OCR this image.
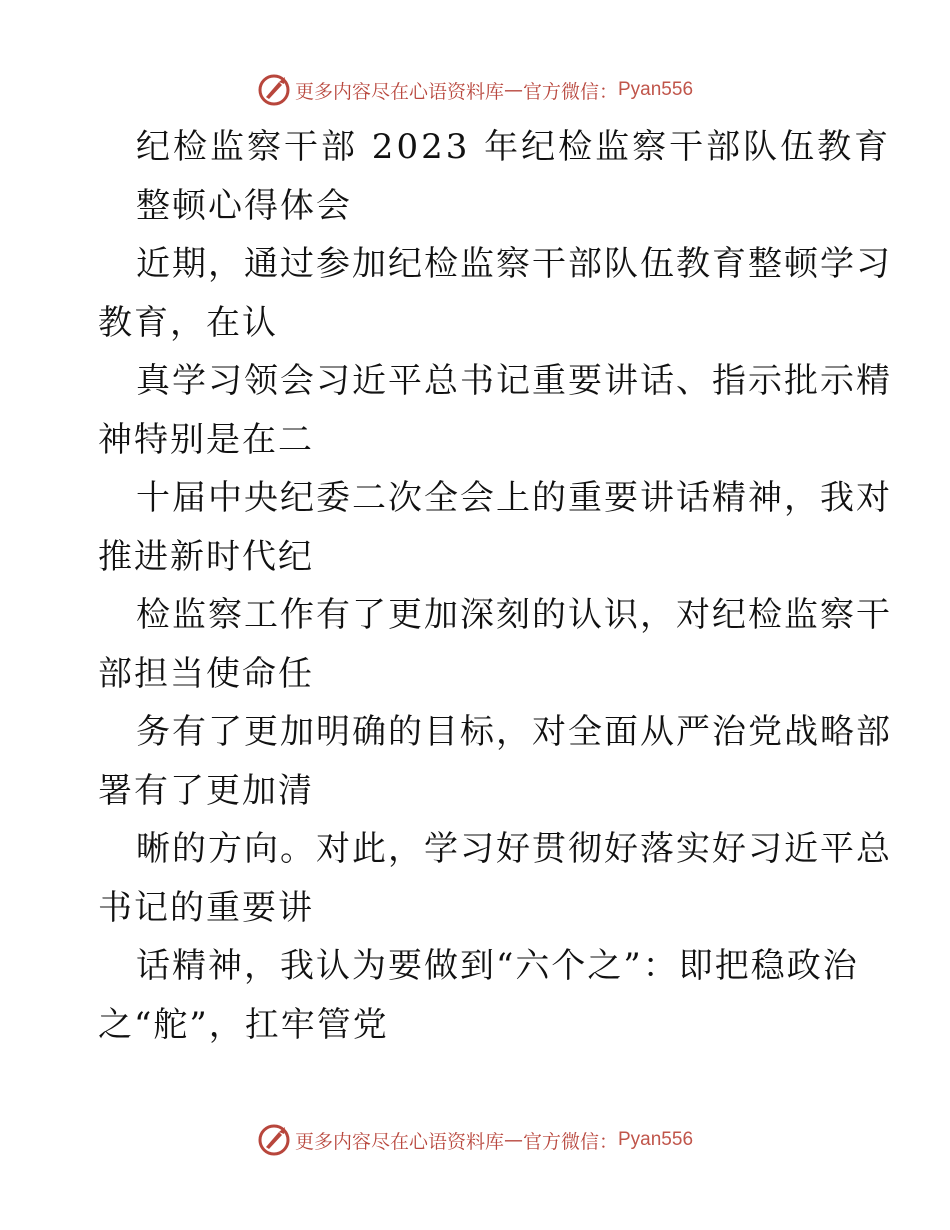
更多内容尽在心语资料库 — 官方微信： Pyan556
纪检监察干部 2023 年纪检监察干部队伍教育
整顿心得体会
近期，通过参加纪检监察干部队伍教育整顿学习
教育，在认
真学习领会习近平总书记重要讲话、指示批示精
神特别是在二
十届中央纪委二次全会上的重要讲话精神，我对
推进新时代纪
检监察工作有了更加深刻的认识，对纪检监察干
部担当使命任
务有了更加明确的目标，对全面从严治党战略部
署有了更加清
晰的方向。对此，学习好贯彻好落实好习近平总
书记的重要讲
话精神，我认为要做到“六个之”：即把稳政治
之“舵”，扛牢管党
更多内容尽在心语资料库 — 官方微信： Pyan556
